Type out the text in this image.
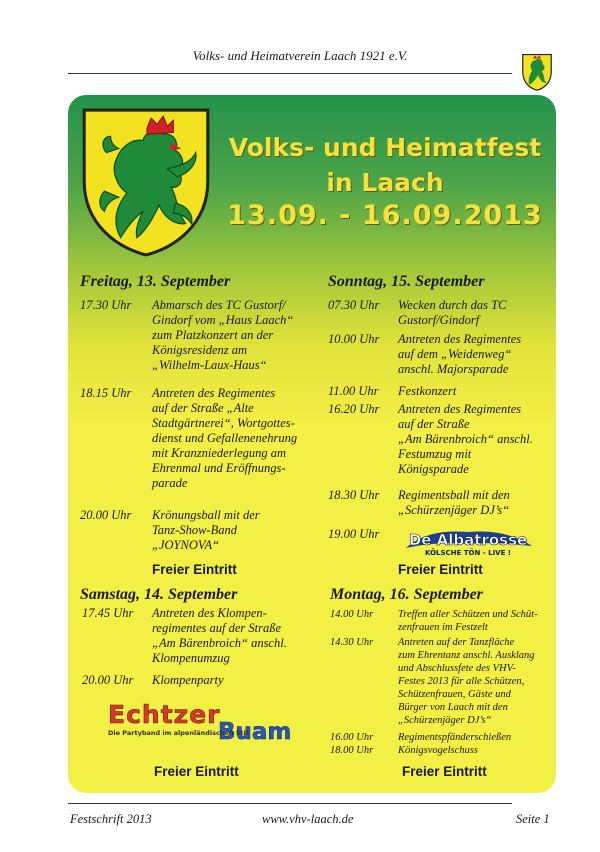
Volks- und Heimatverein Laach 1921 e.V.
Volks- und Heimatfest
in Laach
13.09. - 16.09.2013
Freitag, 13. September
17.30 Uhr Abmarsch des TC Gustorf/
Gindorf vom „Haus Laach“
zum Platzkonzert an der
Königsresidenz am
„Wilhelm-Laux-Haus“
18.15 Uhr Antreten des Regimentes
auf der Straße „Alte
Stadtgärtnerei“, Wortgottes-
dienst und Gefallenenehrung
mit Kranzniederlegung am
Ehrenmal und Eröffnungs-
parade
20.00 Uhr Krönungsball mit der
Tanz-Show-Band
„JOYNOVA“
Freier Eintritt
Sonntag, 15. September
07.30 Uhr Wecken durch das TC
Gustorf/Gindorf
10.00 Uhr Antreten des Regimentes
auf dem „Weidenweg“
anschl. Majorsparade
11.00 Uhr Festkonzert
16.20 Uhr Antreten des Regimentes
auf der Straße
„Am Bärenbroich“ anschl.
Festumzug mit
Königsparade
18.30 Uhr Regimentsball mit den
„Schürzenjäger DJ’s“
19.00 Uhr De Albatrosse
KÖLSCHE TÖN - LIVE !
Freier Eintritt
Samstag, 14. September
17.45 Uhr Antreten des Klompen-
regimentes auf der Straße
„Am Bärenbroich“ anschl.
Klompenumzug
20.00 Uhr Klompenparty
Echtzer
Buam
Die Partyband im alpenländischen Stil
Freier Eintritt
Montag, 16. September
14.00 Uhr Treffen aller Schützen und Schüt-
zenfrauen im Festzelt
14.30 Uhr Antreten auf der Tanzfläche
zum Ehrentanz anschl. Ausklang
und Abschlussfete des VHV-
Festes 2013 für alle Schützen,
Schützenfrauen, Gäste und
Bürger von Laach mit den
„Schürzenjäger DJ’s“
16.00 Uhr Regimentspfänderschießen
18.00 Uhr Königsvogelschuss
Freier Eintritt
Festschrift 2013	www.vhv-laach.de	Seite 1
